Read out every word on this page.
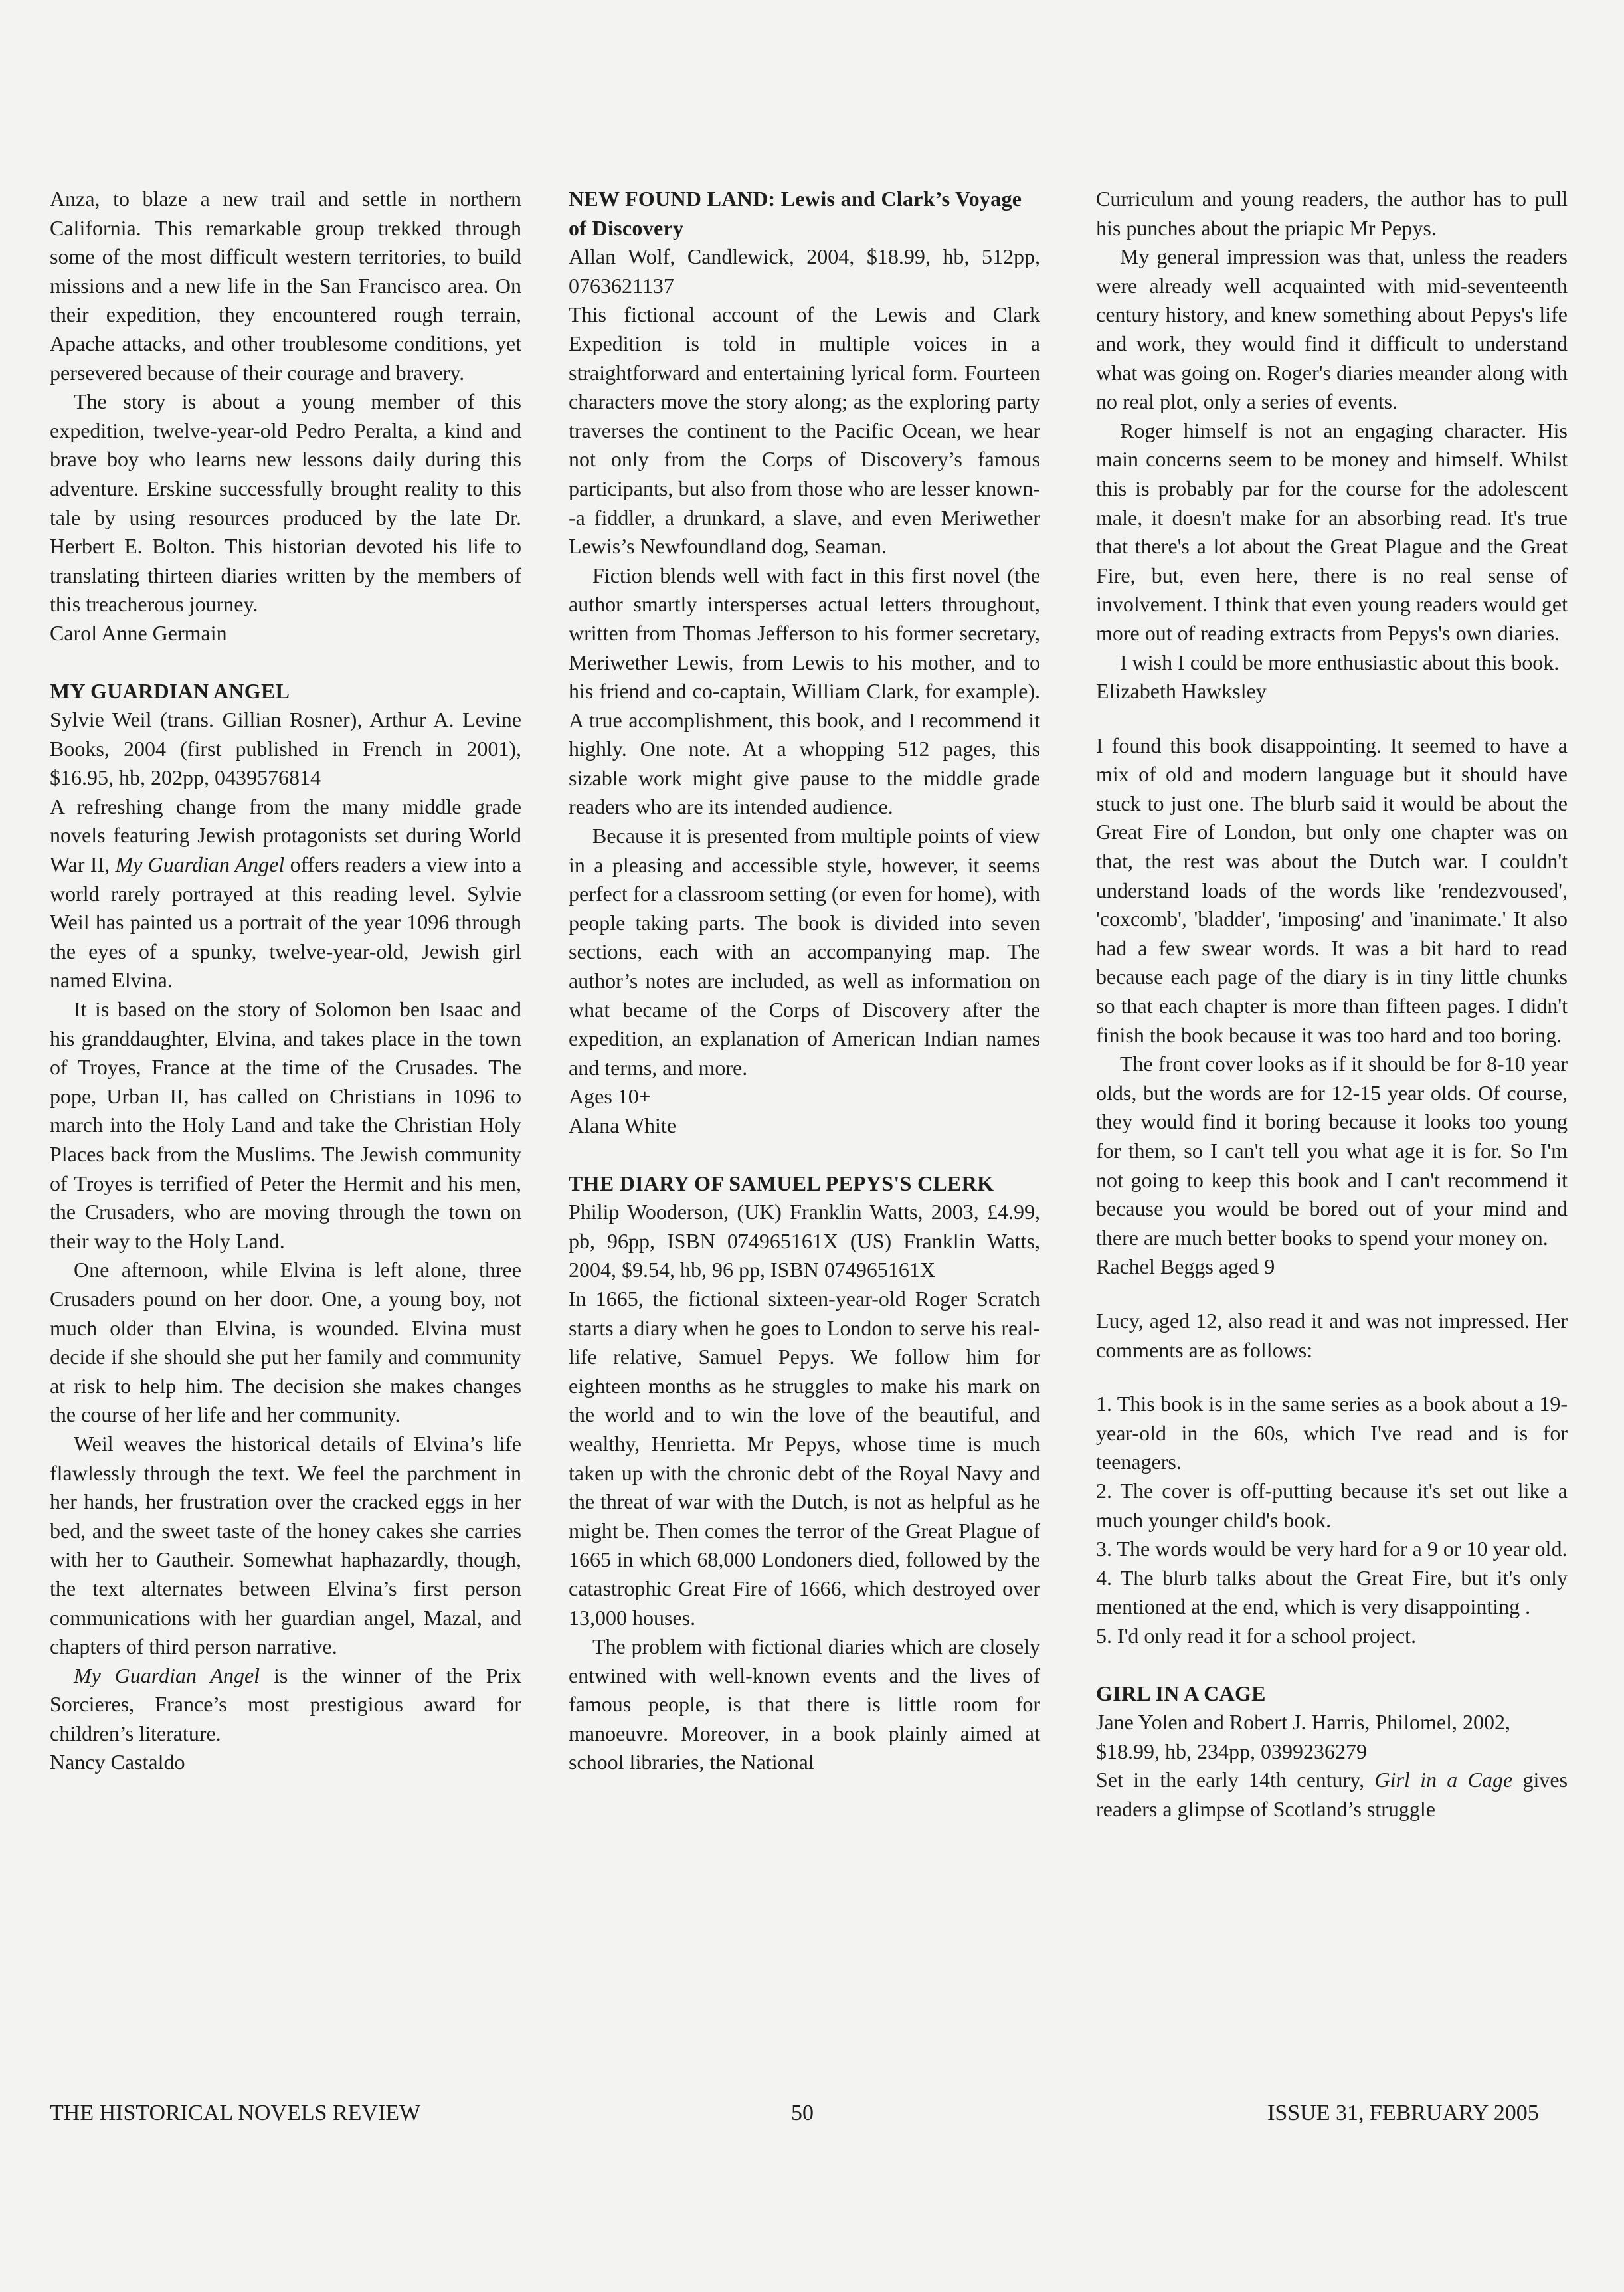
Anza, to blaze a new trail and settle in northern California. This remarkable group trekked through some of the most difficult western territories, to build missions and a new life in the San Francisco area. On their expedition, they encountered rough terrain, Apache attacks, and other troublesome conditions, yet persevered because of their courage and bravery.

The story is about a young member of this expedition, twelve-year-old Pedro Peralta, a kind and brave boy who learns new lessons daily during this adventure. Erskine successfully brought reality to this tale by using resources produced by the late Dr. Herbert E. Bolton. This historian devoted his life to translating thirteen diaries written by the members of this treacherous journey.

Carol Anne Germain

MY GUARDIAN ANGEL

Sylvie Weil (trans. Gillian Rosner), Arthur A. Levine Books, 2004 (first published in French in 2001), $16.95, hb, 202pp, 0439576814

A refreshing change from the many middle grade novels featuring Jewish protagonists set during World War II, My Guardian Angel offers readers a view into a world rarely portrayed at this reading level. Sylvie Weil has painted us a portrait of the year 1096 through the eyes of a spunky, twelve-year-old, Jewish girl named Elvina.

It is based on the story of Solomon ben Isaac and his granddaughter, Elvina, and takes place in the town of Troyes, France at the time of the Crusades. The pope, Urban II, has called on Christians in 1096 to march into the Holy Land and take the Christian Holy Places back from the Muslims. The Jewish community of Troyes is terrified of Peter the Hermit and his men, the Crusaders, who are moving through the town on their way to the Holy Land.

One afternoon, while Elvina is left alone, three Crusaders pound on her door. One, a young boy, not much older than Elvina, is wounded. Elvina must decide if she should she put her family and community at risk to help him. The decision she makes changes the course of her life and her community.

Weil weaves the historical details of Elvina’s life flawlessly through the text. We feel the parchment in her hands, her frustration over the cracked eggs in her bed, and the sweet taste of the honey cakes she carries with her to Gautheir. Somewhat haphazardly, though, the text alternates between Elvina’s first person communications with her guardian angel, Mazal, and chapters of third person narrative.

My Guardian Angel is the winner of the Prix Sorcieres, France’s most prestigious award for children’s literature.

Nancy Castaldo

NEW FOUND LAND: Lewis and Clark’s Voyage of Discovery

Allan Wolf, Candlewick, 2004, $18.99, hb, 512pp, 0763621137

This fictional account of the Lewis and Clark Expedition is told in multiple voices in a straightforward and entertaining lyrical form. Fourteen characters move the story along; as the exploring party traverses the continent to the Pacific Ocean, we hear not only from the Corps of Discovery’s famous participants, but also from those who are lesser known--a fiddler, a drunkard, a slave, and even Meriwether Lewis’s Newfoundland dog, Seaman.

Fiction blends well with fact in this first novel (the author smartly intersperses actual letters throughout, written from Thomas Jefferson to his former secretary, Meriwether Lewis, from Lewis to his mother, and to his friend and co-captain, William Clark, for example). A true accomplishment, this book, and I recommend it highly. One note. At a whopping 512 pages, this sizable work might give pause to the middle grade readers who are its intended audience.

Because it is presented from multiple points of view in a pleasing and accessible style, however, it seems perfect for a classroom setting (or even for home), with people taking parts. The book is divided into seven sections, each with an accompanying map. The author’s notes are included, as well as information on what became of the Corps of Discovery after the expedition, an explanation of American Indian names and terms, and more.

Ages 10+

Alana White

THE DIARY OF SAMUEL PEPYS'S CLERK

Philip Wooderson, (UK) Franklin Watts, 2003, £4.99, pb, 96pp, ISBN 074965161X (US) Franklin Watts, 2004, $9.54, hb, 96 pp, ISBN 074965161X

In 1665, the fictional sixteen-year-old Roger Scratch starts a diary when he goes to London to serve his real-life relative, Samuel Pepys. We follow him for eighteen months as he struggles to make his mark on the world and to win the love of the beautiful, and wealthy, Henrietta. Mr Pepys, whose time is much taken up with the chronic debt of the Royal Navy and the threat of war with the Dutch, is not as helpful as he might be. Then comes the terror of the Great Plague of 1665 in which 68,000 Londoners died, followed by the catastrophic Great Fire of 1666, which destroyed over 13,000 houses.

The problem with fictional diaries which are closely entwined with well-known events and the lives of famous people, is that there is little room for manoeuvre. Moreover, in a book plainly aimed at school libraries, the National

Curriculum and young readers, the author has to pull his punches about the priapic Mr Pepys.

My general impression was that, unless the readers were already well acquainted with mid-seventeenth century history, and knew something about Pepys's life and work, they would find it difficult to understand what was going on. Roger's diaries meander along with no real plot, only a series of events.

Roger himself is not an engaging character. His main concerns seem to be money and himself. Whilst this is probably par for the course for the adolescent male, it doesn't make for an absorbing read. It's true that there's a lot about the Great Plague and the Great Fire, but, even here, there is no real sense of involvement. I think that even young readers would get more out of reading extracts from Pepys's own diaries.

I wish I could be more enthusiastic about this book.

Elizabeth Hawksley

I found this book disappointing. It seemed to have a mix of old and modern language but it should have stuck to just one. The blurb said it would be about the Great Fire of London, but only one chapter was on that, the rest was about the Dutch war. I couldn't understand loads of the words like 'rendezvoused', 'coxcomb', 'bladder', 'imposing' and 'inanimate.' It also had a few swear words. It was a bit hard to read because each page of the diary is in tiny little chunks so that each chapter is more than fifteen pages. I didn't finish the book because it was too hard and too boring.

The front cover looks as if it should be for 8-10 year olds, but the words are for 12-15 year olds. Of course, they would find it boring because it looks too young for them, so I can't tell you what age it is for. So I'm not going to keep this book and I can't recommend it because you would be bored out of your mind and there are much better books to spend your money on.

Rachel Beggs aged 9

Lucy, aged 12, also read it and was not impressed. Her comments are as follows:

1. This book is in the same series as a book about a 19-year-old in the 60s, which I've read and is for teenagers.

2. The cover is off-putting because it's set out like a much younger child's book.

3. The words would be very hard for a 9 or 10 year old.

4. The blurb talks about the Great Fire, but it's only mentioned at the end, which is very disappointing .

5. I'd only read it for a school project.

GIRL IN A CAGE

Jane Yolen and Robert J. Harris, Philomel, 2002, $18.99, hb, 234pp, 0399236279

Set in the early 14th century, Girl in a Cage gives readers a glimpse of Scotland’s struggle

THE HISTORICAL NOVELS REVIEW	50	ISSUE 31, FEBRUARY 2005
